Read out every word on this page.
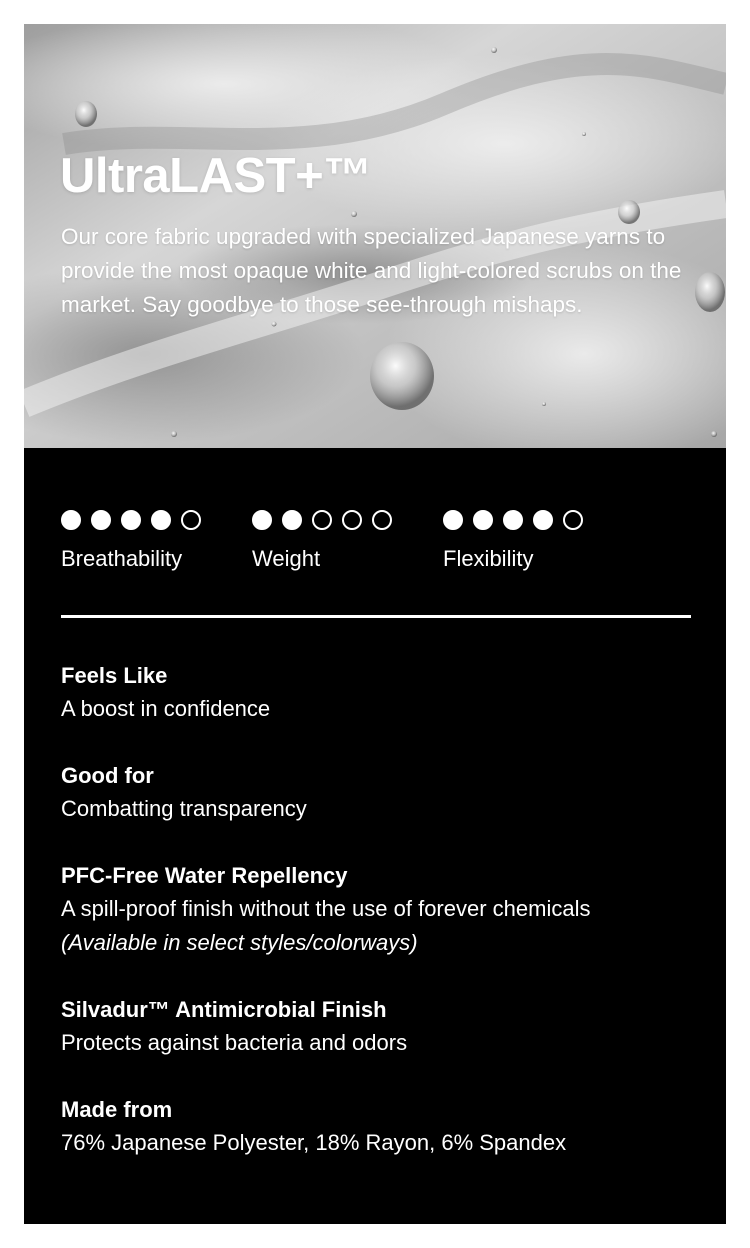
UltraLAST+™

Our core fabric upgraded with specialized Japanese yarns to provide the most opaque white and light-colored scrubs on the market. Say goodbye to those see-through mishaps.

Breathability	Weight	Flexibility
Feels Like
A boost in confidence
Good for
Combatting transparency
PFC-Free Water Repellency
A spill-proof finish without the use of forever chemicals
(Available in select styles/colorways)
Silvadur™ Antimicrobial Finish
Protects against bacteria and odors
Made from
76% Japanese Polyester, 18% Rayon, 6% Spandex
